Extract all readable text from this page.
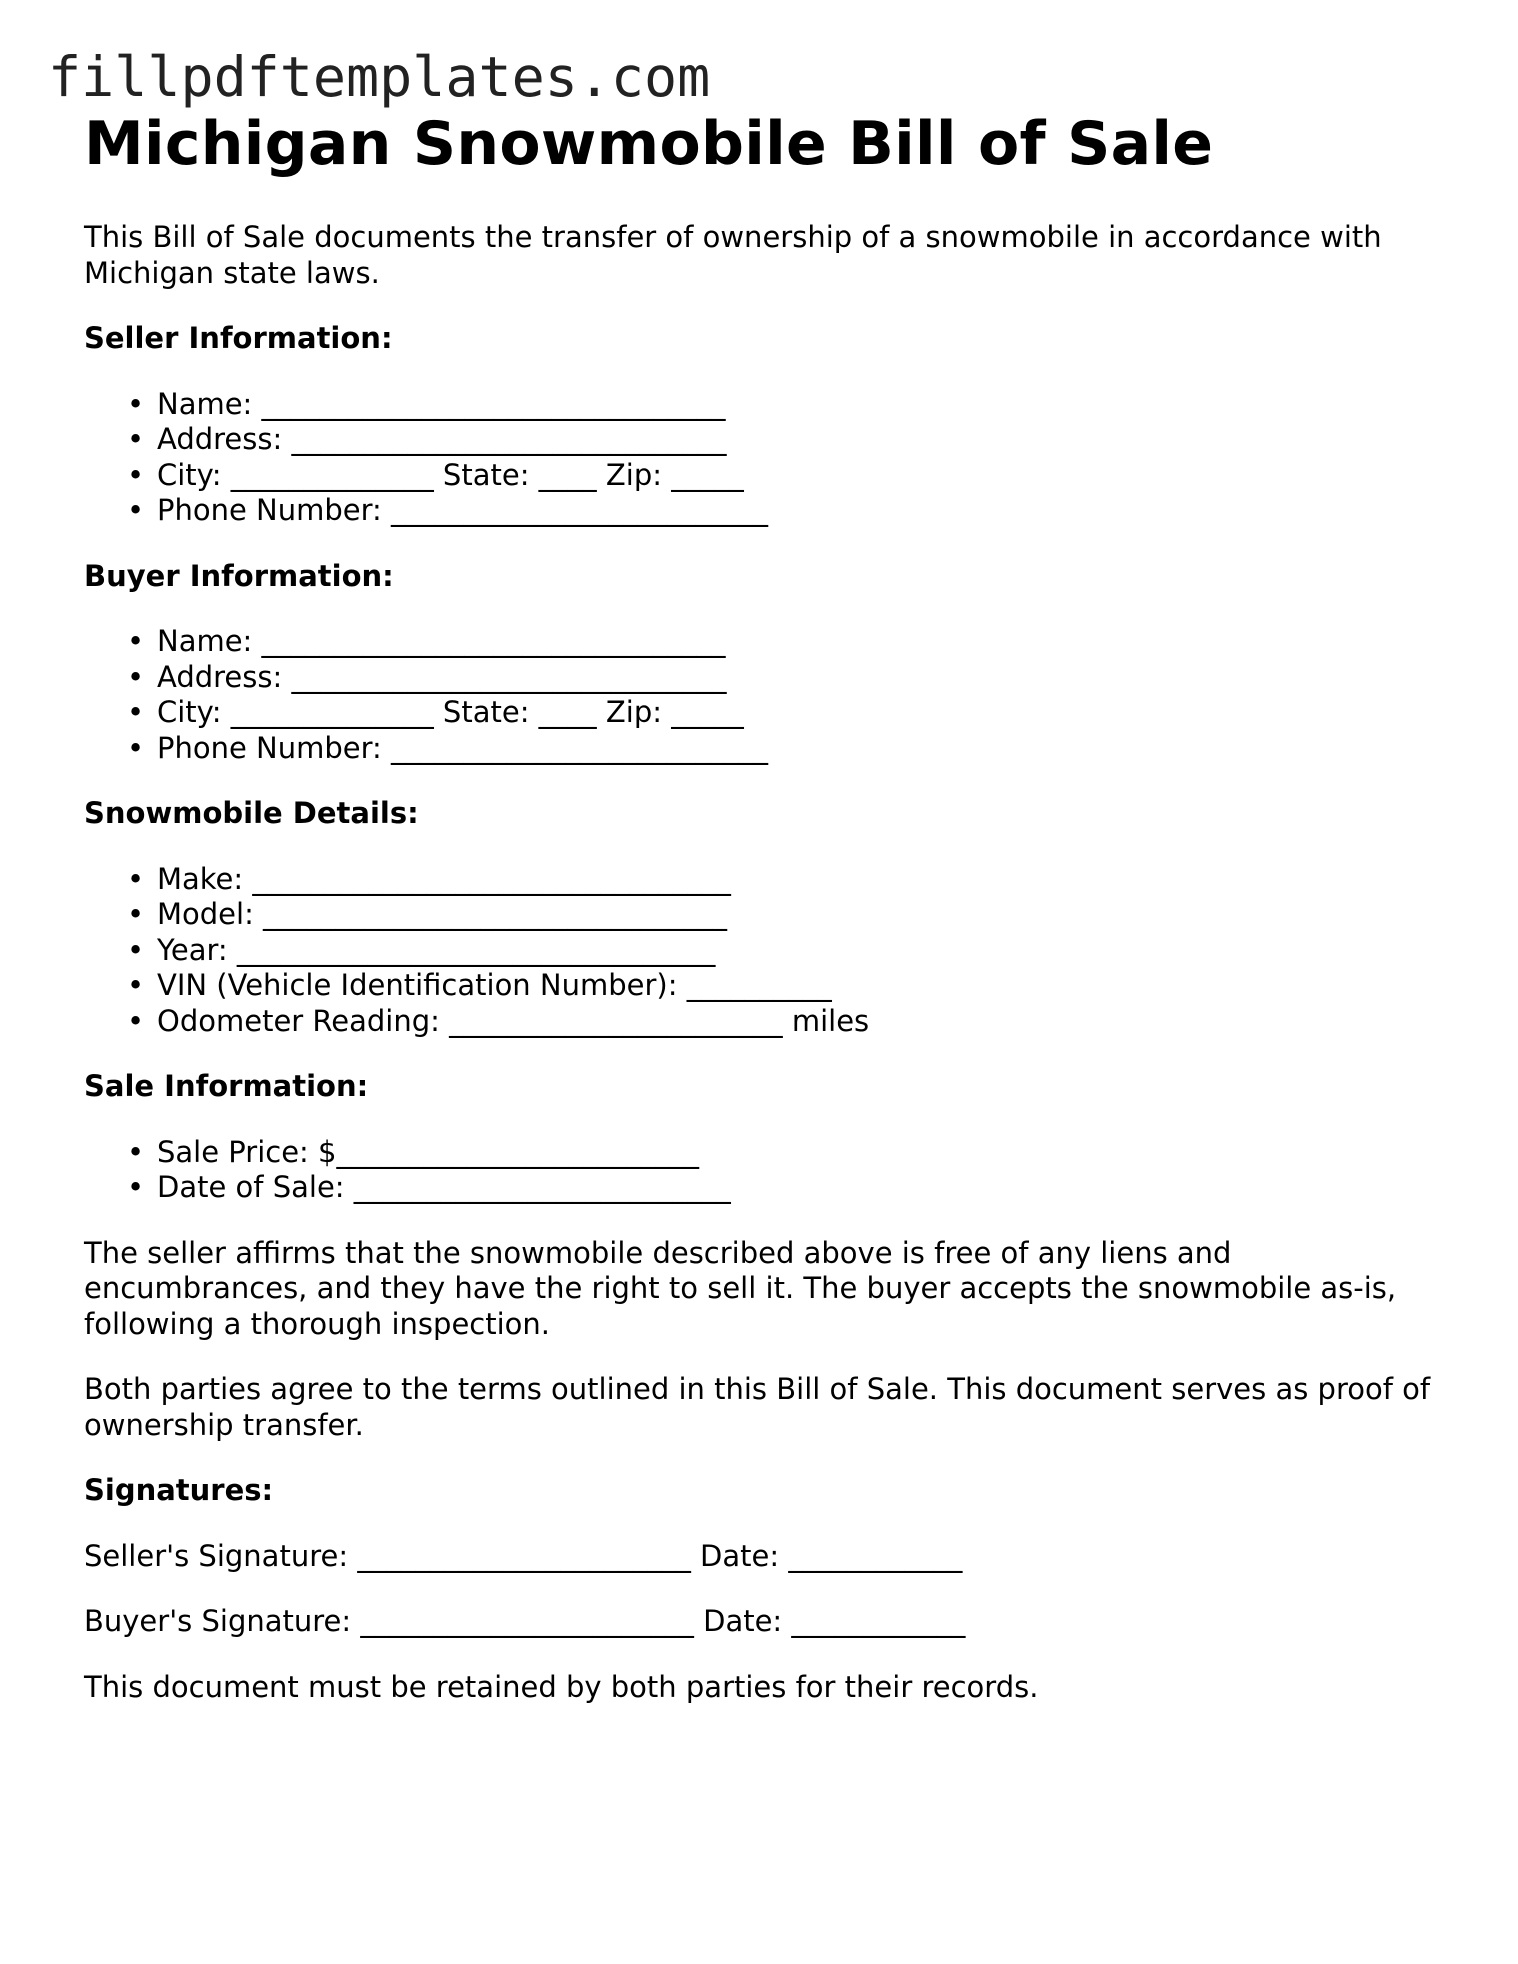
fillpdftemplates.com
Michigan Snowmobile Bill of Sale

This Bill of Sale documents the transfer of ownership of a snowmobile in accordance with Michigan state laws.

Seller Information:
• Name: ________________________________
• Address: ______________________________
• City: ______________ State: ____ Zip: _____
• Phone Number: __________________________
Buyer Information:
• Name: ________________________________
• Address: ______________________________
• City: ______________ State: ____ Zip: _____
• Phone Number: __________________________
Snowmobile Details:
• Make: _________________________________
• Model: ________________________________
• Year: _________________________________
• VIN (Vehicle Identification Number): __________
• Odometer Reading: _______________________ miles
Sale Information:
• Sale Price: $_________________________
• Date of Sale: __________________________

The seller affirms that the snowmobile described above is free of any liens and encumbrances, and they have the right to sell it. The buyer accepts the snowmobile as-is, following a thorough inspection.

Both parties agree to the terms outlined in this Bill of Sale. This document serves as proof of ownership transfer.

Signatures:
Seller's Signature: _______________________ Date: ____________
Buyer's Signature: _______________________ Date: ____________

This document must be retained by both parties for their records.
